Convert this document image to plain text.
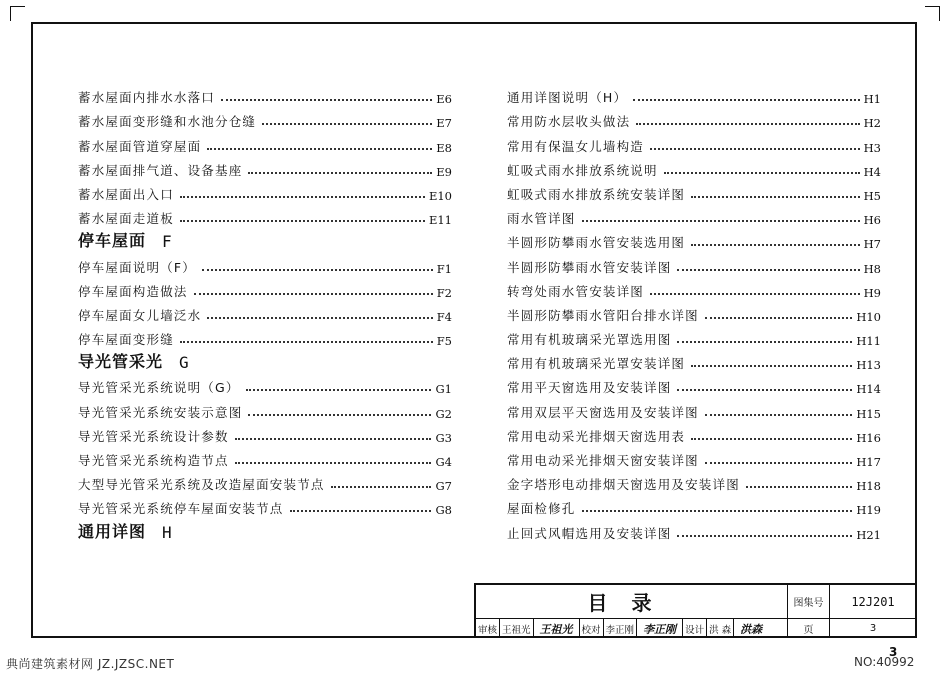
蓄水屋面内排水水落口	E6
蓄水屋面变形缝和水池分仓缝	E7
蓄水屋面管道穿屋面	E8
蓄水屋面排气道、设备基座	E9
蓄水屋面出入口	E10
蓄水屋面走道板	E11
停车屋面 F
停车屋面说明（F）	F1
停车屋面构造做法	F2
停车屋面女儿墙泛水	F4
停车屋面变形缝	F5
导光管采光 G
导光管采光系统说明（G）	G1
导光管采光系统安装示意图	G2
导光管采光系统设计参数	G3
导光管采光系统构造节点	G4
大型导光管采光系统及改造屋面安装节点	G7
导光管采光系统停车屋面安装节点	G8
通用详图 H
通用详图说明（H）	H1
常用防水层收头做法	H2
常用有保温女儿墙构造	H3
虹吸式雨水排放系统说明	H4
虹吸式雨水排放系统安装详图	H5
雨水管详图	H6
半圆形防攀雨水管安装选用图	H7
半圆形防攀雨水管安装详图	H8
转弯处雨水管安装详图	H9
半圆形防攀雨水管阳台排水详图	H10
常用有机玻璃采光罩选用图	H11
常用有机玻璃采光罩安装详图	H13
常用平天窗选用及安装详图	H14
常用双层平天窗选用及安装详图	H15
常用电动采光排烟天窗选用表	H16
常用电动采光排烟天窗安装详图	H17
金字塔形电动排烟天窗选用及安装详图	H18
屋面检修孔	H19
止回式风帽选用及安装详图	H21
目录	图集号	12J201
审核 王祖光 王祖光 校对 李正刚 李正刚 设计 洪 森 洪森	页	3
3
典尚建筑素材网 JZ.JZSC.NET	NO:40992
